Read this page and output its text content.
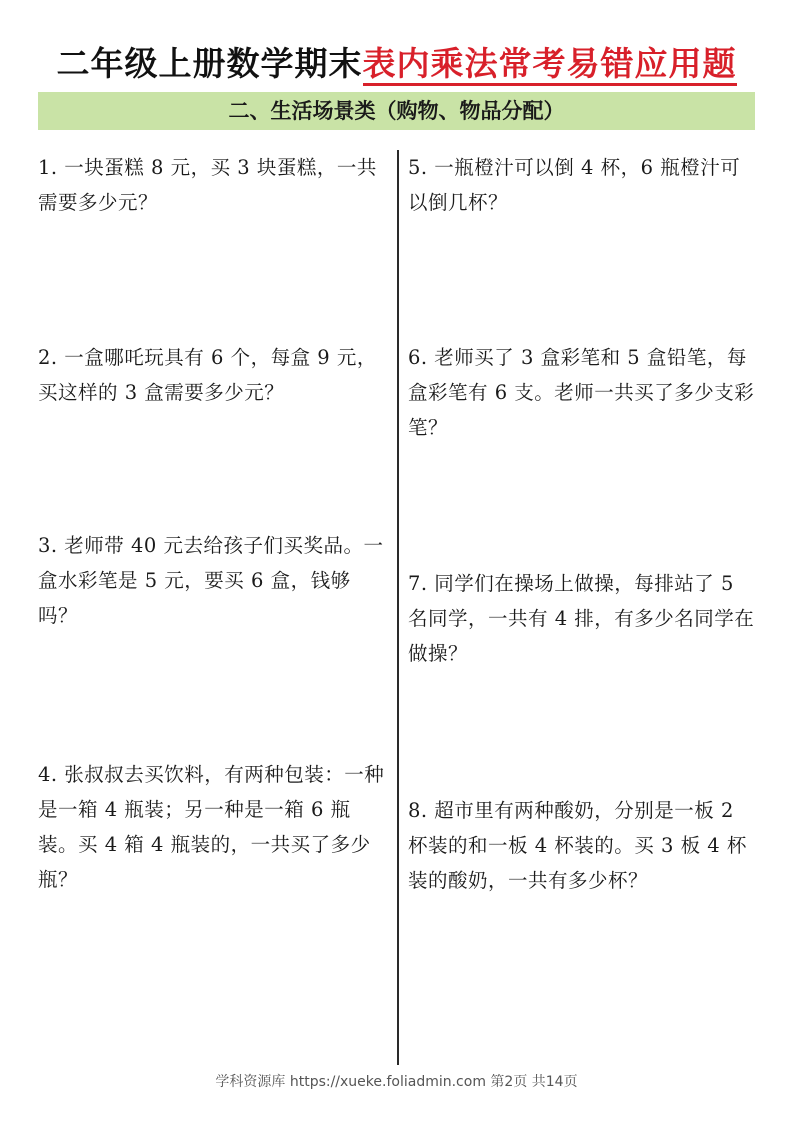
二年级上册数学期末表内乘法常考易错应用题
二、生活场景类（购物、物品分配）
1. 一块蛋糕 8 元，买 3 块蛋糕，一共需要多少元？
2. 一盒哪吒玩具有 6 个，每盒 9 元，买这样的 3 盒需要多少元？
3. 老师带 40 元去给孩子们买奖品。一盒水彩笔是 5 元，要买 6 盒，钱够吗？
4. 张叔叔去买饮料，有两种包装：一种是一箱 4 瓶装；另一种是一箱 6 瓶装。买 4 箱 4 瓶装的，一共买了多少瓶？
5. 一瓶橙汁可以倒 4 杯，6 瓶橙汁可以倒几杯？
6. 老师买了 3 盒彩笔和 5 盒铅笔，每盒彩笔有 6 支。老师一共买了多少支彩笔？
7. 同学们在操场上做操，每排站了 5 名同学，一共有 4 排，有多少名同学在做操？
8. 超市里有两种酸奶，分别是一板 2 杯装的和一板 4 杯装的。买 3 板 4 杯装的酸奶，一共有多少杯？
学科资源库 https://xueke.foliadmin.com 第2页 共14页
